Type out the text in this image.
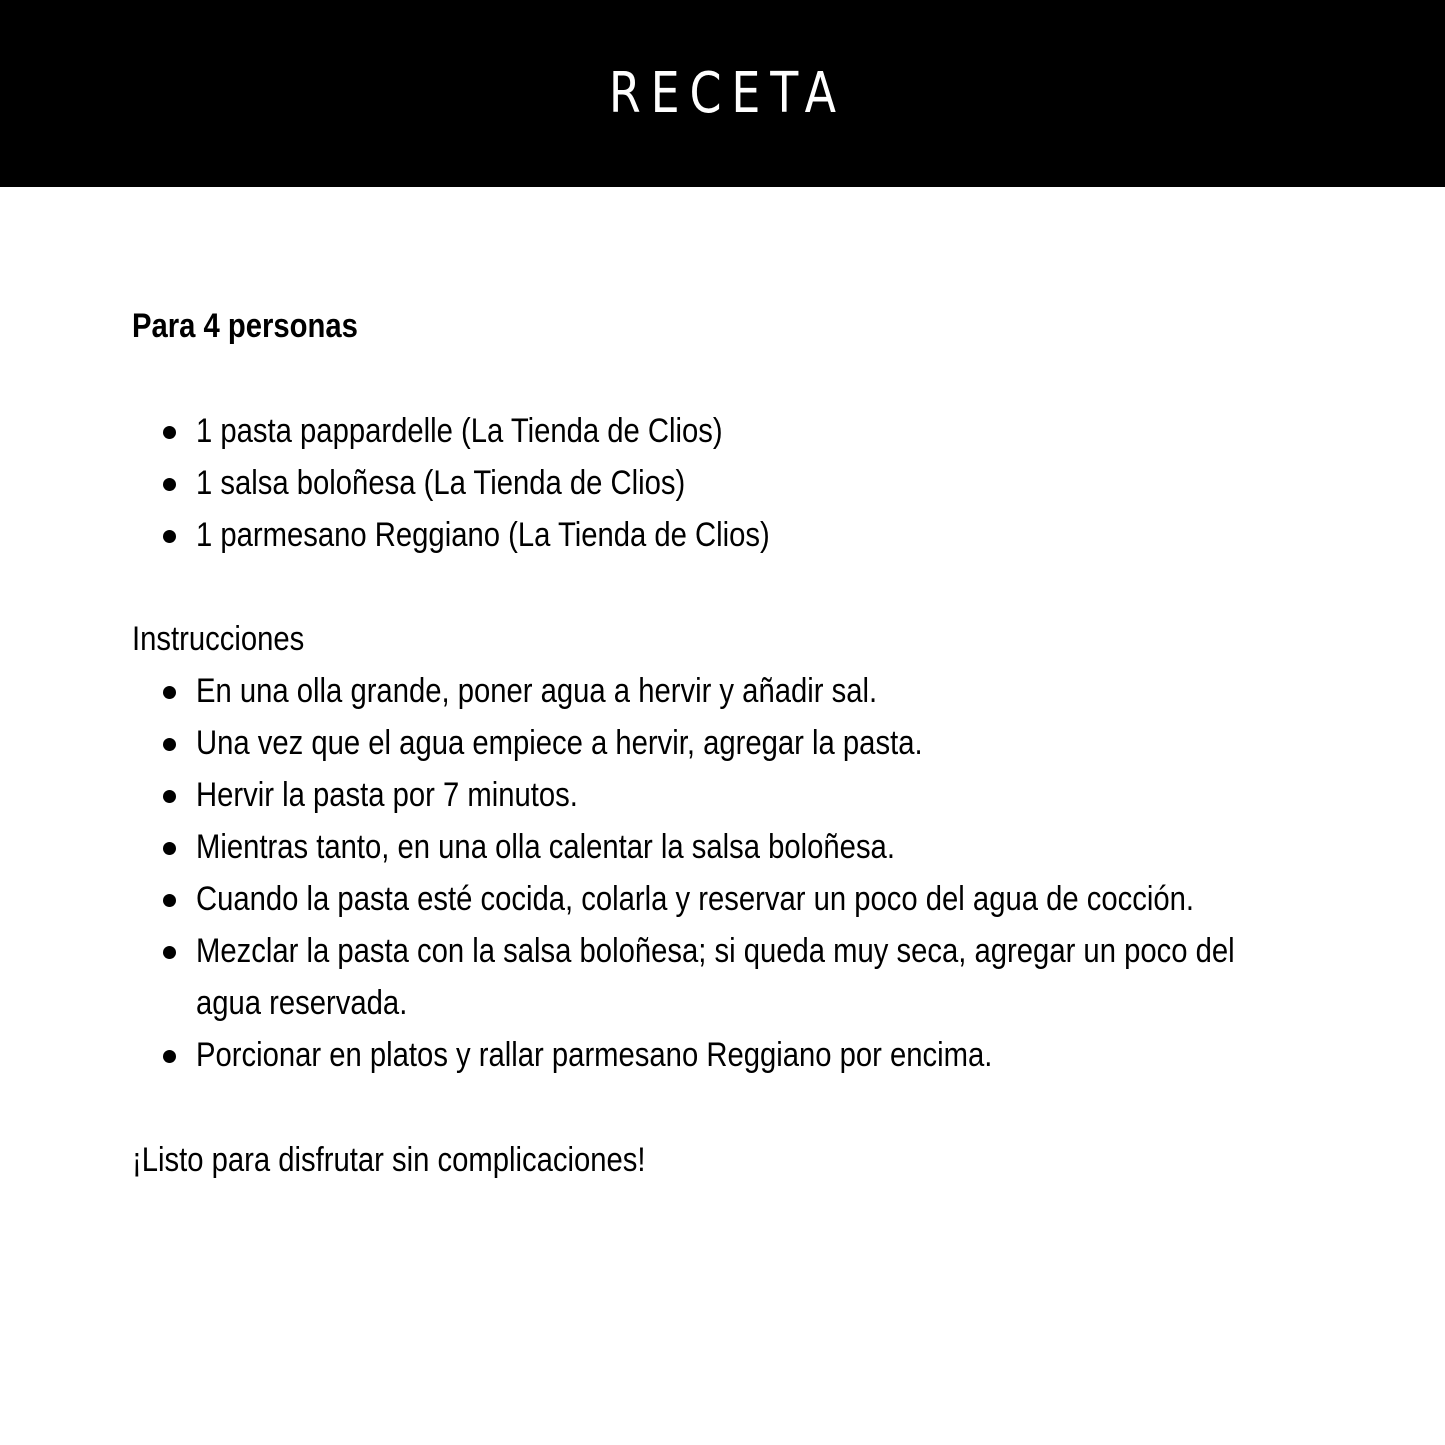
RECETA
Para 4 personas
1 pasta pappardelle (La Tienda de Clios)
1 salsa boloñesa (La Tienda de Clios)
1 parmesano Reggiano (La Tienda de Clios)
Instrucciones
En una olla grande, poner agua a hervir y añadir sal.
Una vez que el agua empiece a hervir, agregar la pasta.
Hervir la pasta por 7 minutos.
Mientras tanto, en una olla calentar la salsa boloñesa.
Cuando la pasta esté cocida, colarla y reservar un poco del agua de cocción.
Mezclar la pasta con la salsa boloñesa; si queda muy seca, agregar un poco del agua reservada.
Porcionar en platos y rallar parmesano Reggiano por encima.
¡Listo para disfrutar sin complicaciones!
